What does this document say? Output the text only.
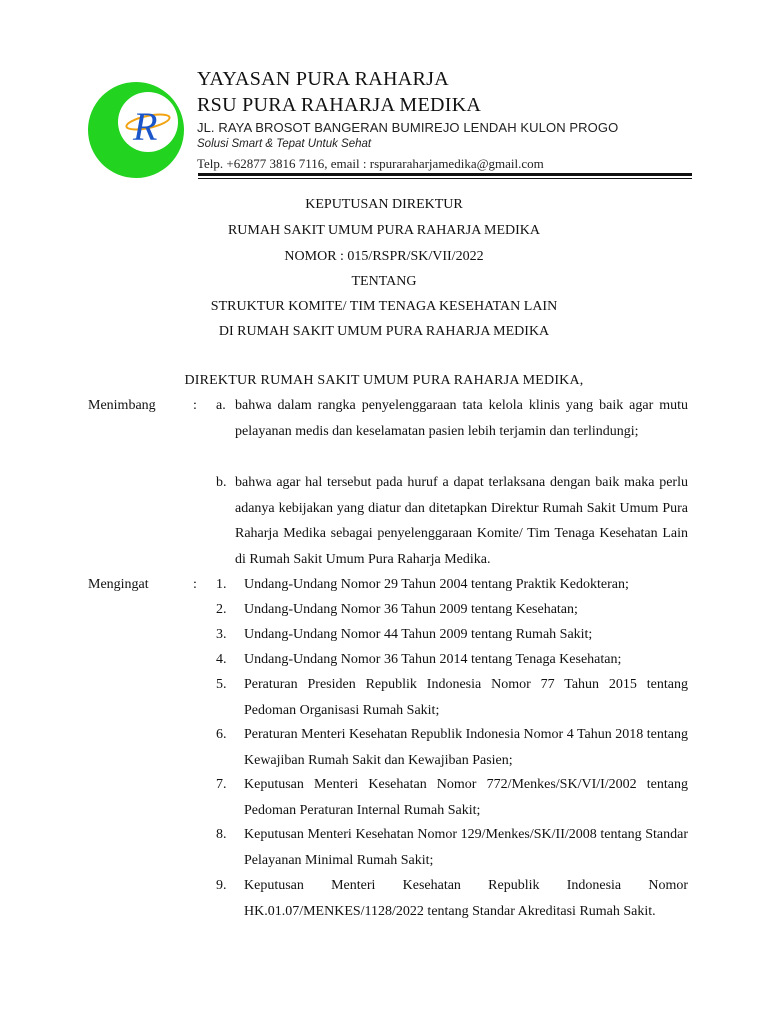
R
YAYASAN PURA RAHARJA
RSU PURA RAHARJA MEDIKA
JL. RAYA BROSOT BANGERAN BUMIREJO LENDAH KULON PROGO
Solusi Smart & Tepat Untuk Sehat
Telp. +62877 3816 7116, email : rspuraraharjamedika@gmail.com
KEPUTUSAN DIREKTUR
RUMAH SAKIT UMUM PURA RAHARJA MEDIKA
NOMOR : 015/RSPR/SK/VII/2022
TENTANG
STRUKTUR KOMITE/ TIM TENAGA KESEHATAN LAIN
DI RUMAH SAKIT UMUM PURA RAHARJA MEDIKA
DIREKTUR RUMAH SAKIT UMUM PURA RAHARJA MEDIKA,
Menimbang	: a. bahwa dalam rangka penyelenggaraan tata kelola klinis yang baik agar mutu pelayanan medis dan keselamatan pasien lebih terjamin dan terlindungi;

b. bahwa agar hal tersebut pada huruf a dapat terlaksana dengan baik maka perlu adanya kebijakan yang diatur dan ditetapkan Direktur Rumah Sakit Umum Pura Raharja Medika sebagai penyelenggaraan Komite/ Tim Tenaga Kesehatan Lain di Rumah Sakit Umum Pura Raharja Medika.

Mengingat	: 1. Undang-Undang Nomor 29 Tahun 2004 tentang Praktik Kedokteran;

2. Undang-Undang Nomor 36 Tahun 2009 tentang Kesehatan;

3. Undang-Undang Nomor 44 Tahun 2009 tentang Rumah Sakit;

4. Undang-Undang Nomor 36 Tahun 2014 tentang Tenaga Kesehatan;

5. Peraturan Presiden Republik Indonesia Nomor 77 Tahun 2015 tentang Pedoman Organisasi Rumah Sakit;

6. Peraturan Menteri Kesehatan Republik Indonesia Nomor 4 Tahun 2018 tentang Kewajiban Rumah Sakit dan Kewajiban Pasien;

7. Keputusan Menteri Kesehatan Nomor 772/Menkes/SK/VI/I/2002 tentang Pedoman Peraturan Internal Rumah Sakit;

8. Keputusan Menteri Kesehatan Nomor 129/Menkes/SK/II/2008 tentang Standar Pelayanan Minimal Rumah Sakit;

9. Keputusan Menteri Kesehatan Republik Indonesia Nomor HK.01.07/MENKES/1128/2022 tentang Standar Akreditasi Rumah Sakit.
